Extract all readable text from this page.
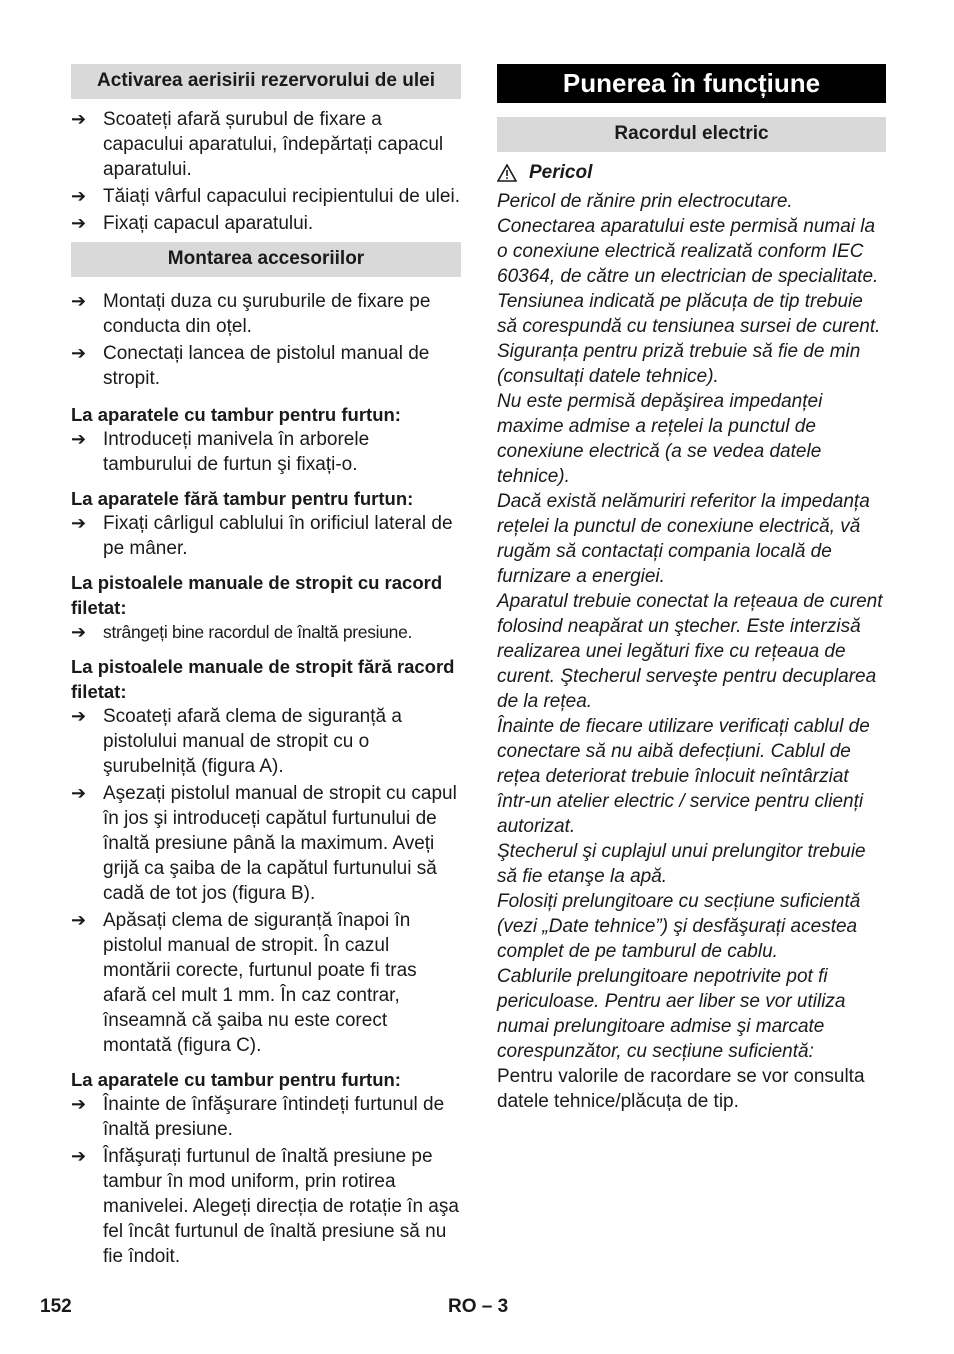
Activarea aerisirii rezervorului de ulei
➔ Scoateți afară șurubul de fixare a capacului aparatului, îndepărtați capacul aparatului.
➔ Tăiați vârful capacului recipientului de ulei.
➔ Fixați capacul aparatului.
Montarea accesoriilor
➔ Montați duza cu şuruburile de fixare pe conducta din oțel.
➔ Conectați lancea de pistolul manual de stropit.
La aparatele cu tambur pentru furtun:
➔ Introduceți manivela în arborele tamburului de furtun şi fixați-o.
La aparatele fără tambur pentru furtun:
➔ Fixați cârligul cablului în orificiul lateral de pe mâner.
La pistoalele manuale de stropit cu racord filetat:
➔ strângeți bine racordul de înaltă presiune.
La pistoalele manuale de stropit fără racord filetat:
➔ Scoateți afară clema de siguranță a pistolului manual de stropit cu o şurubelniță (figura A).
➔ Aşezați pistolul manual de stropit cu capul în jos şi introduceți capătul furtunului de înaltă presiune până la maximum. Aveți grijă ca şaiba de la capătul furtunului să cadă de tot jos (figura B).
➔ Apăsați clema de siguranță înapoi în pistolul manual de stropit. În cazul montării corecte, furtunul poate fi tras afară cel mult 1 mm. În caz contrar, înseamnă că şaiba nu este corect montată (figura C).
La aparatele cu tambur pentru furtun:
➔ Înainte de înfăşurare întindeți furtunul de înaltă presiune.
➔ Înfăşurați furtunul de înaltă presiune pe tambur în mod uniform, prin rotirea manivelei. Alegeți direcția de rotație în aşa fel încât furtunul de înaltă presiune să nu fie îndoit.
Punerea în funcțiune
Racordul electric
Pericol
Pericol de rănire prin electrocutare.
Conectarea aparatului este permisă numai la o conexiune electrică realizată conform IEC 60364, de către un electrician de specialitate.
Tensiunea indicată pe plăcuța de tip trebuie să corespundă cu tensiunea sursei de curent.
Siguranța pentru priză trebuie să fie de min (consultați datele tehnice).
Nu este permisă depăşirea impedanței maxime admise a rețelei la punctul de conexiune electrică (a se vedea datele tehnice).
Dacă există nelămuriri referitor la impedanța rețelei la punctul de conexiune electrică, vă rugăm să contactați compania locală de furnizare a energiei.
Aparatul trebuie conectat la rețeaua de curent folosind neapărat un ştecher. Este interzisă realizarea unei legături fixe cu rețeaua de curent. Ştecherul serveşte pentru decuplarea de la rețea.
Înainte de fiecare utilizare verificați cablul de conectare să nu aibă defecțiuni. Cablul de rețea deteriorat trebuie înlocuit neîntârziat într-un atelier electric / service pentru clienți autorizat.
Ştecherul şi cuplajul unui prelungitor trebuie să fie etanşe la apă.
Folosiți prelungitoare cu secțiune suficientă (vezi „Date tehnice”) şi desfăşurați acestea complet de pe tamburul de cablu.
Cablurile prelungitoare nepotrivite pot fi periculoase. Pentru aer liber se vor utiliza numai prelungitoare admise şi marcate corespunzător, cu secțiune suficientă:
Pentru valorile de racordare se vor consulta datele tehnice/plăcuța de tip.
152	RO – 3
